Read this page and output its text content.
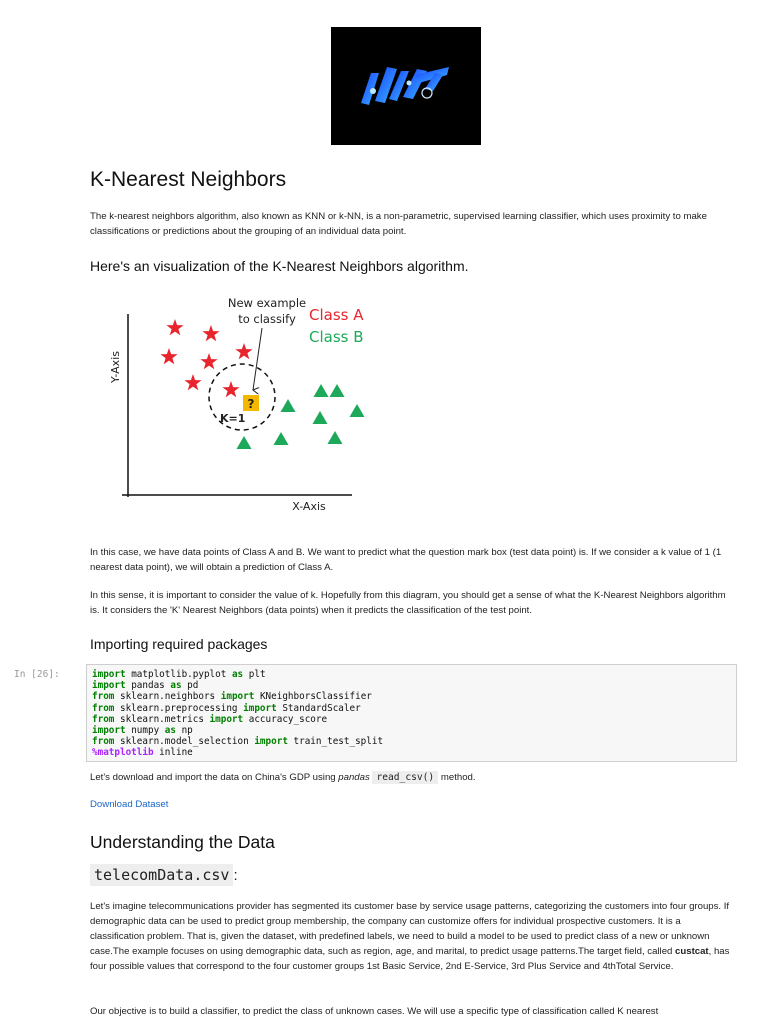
K-Nearest Neighbors

The k-nearest neighbors algorithm, also known as KNN or k-NN, is a non-parametric, supervised learning classifier, which uses proximity to make classifications or predictions about the grouping of an individual data point.

Here's an visualization of the K-Nearest Neighbors algorithm.
Y-Axis
X-Axis
New example
to classify Class A
Class B
K=1
?

In this case, we have data points of Class A and B. We want to predict what the question mark box (test data point) is. If we consider a k value of 1 (1 nearest data point), we will obtain a prediction of Class A.

In this sense, it is important to consider the value of k. Hopefully from this diagram, you should get a sense of what the K-Nearest Neighbors algorithm is. It considers the 'K' Nearest Neighbors (data points) when it predicts the classification of the test point.

Importing required packages
In [26]:	import matplotlib.pyplot as plt
import pandas as pd
from sklearn.neighbors import KNeighborsClassifier
from sklearn.preprocessing import StandardScaler
from sklearn.metrics import accuracy_score
import numpy as np
from sklearn.model_selection import train_test_split
%matplotlib inline

Let's download and import the data on China's GDP using pandas read_csv() method.

Download Dataset

Understanding the Data
telecomData.csv :

Let's imagine telecommunications provider has segmented its customer base by service usage patterns, categorizing the customers into four groups. If demographic data can be used to predict group membership, the company can customize offers for individual prospective customers. It is a classification problem. That is, given the dataset, with predefined labels, we need to build a model to be used to predict class of a new or unknown case.The example focuses on using demographic data, such as region, age, and marital, to predict usage patterns.The target field, called custcat, has four possible values that correspond to the four customer groups 1st Basic Service, 2nd E-Service, 3rd Plus Service and 4thTotal Service.

Our objective is to build a classifier, to predict the class of unknown cases. We will use a specific type of classification called K nearest
